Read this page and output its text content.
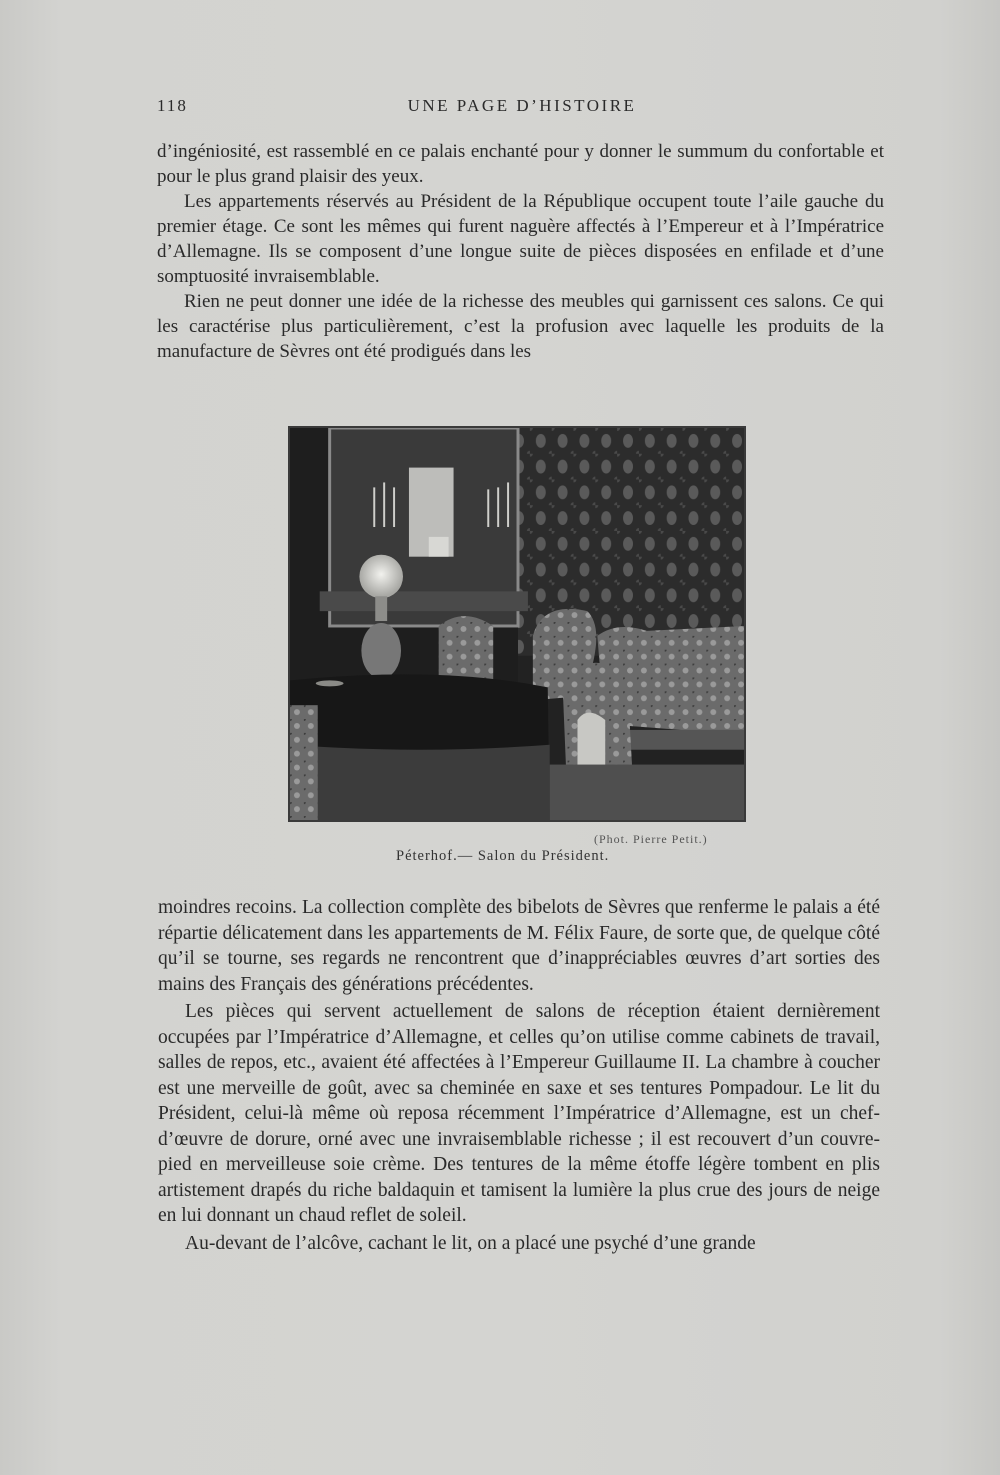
118	UNE PAGE D’HISTOIRE

d’ingéniosité, est rassemblé en ce palais enchanté pour y donner le summum du confortable et pour le plus grand plaisir des yeux.

Les appartements réservés au Président de la République occupent toute l’aile gauche du premier étage. Ce sont les mêmes qui furent naguère affectés à l’Empereur et à l’Impératrice d’Allemagne. Ils se composent d’une longue suite de pièces disposées en enfilade et d’une somptuosité invraisemblable.

Rien ne peut donner une idée de la richesse des meubles qui garnissent ces salons. Ce qui les caractérise plus particulièrement, c’est la profusion avec laquelle les produits de la manufacture de Sèvres ont été prodigués dans les

(Phot. Pierre Petit.)
Péterhof.— Salon du Président.

moindres recoins. La collection complète des bibelots de Sèvres que renferme le palais a été répartie délicatement dans les appartements de M. Félix Faure, de sorte que, de quelque côté qu’il se tourne, ses regards ne rencontrent que d’inappréciables œuvres d’art sorties des mains des Français des générations précédentes.

Les pièces qui servent actuellement de salons de réception étaient dernièrement occupées par l’Impératrice d’Allemagne, et celles qu’on utilise comme cabinets de travail, salles de repos, etc., avaient été affectées à l’Empereur Guillaume II. La chambre à coucher est une merveille de goût, avec sa cheminée en saxe et ses tentures Pompadour. Le lit du Président, celui-là même où reposa récemment l’Impératrice d’Allemagne, est un chef-d’œuvre de dorure, orné avec une invraisemblable richesse ; il est recouvert d’un couvre-pied en merveilleuse soie crème. Des tentures de la même étoffe légère tombent en plis artistement drapés du riche baldaquin et tamisent la lumière la plus crue des jours de neige en lui donnant un chaud reflet de soleil.

Au-devant de l’alcôve, cachant le lit, on a placé une psyché d’une grande
